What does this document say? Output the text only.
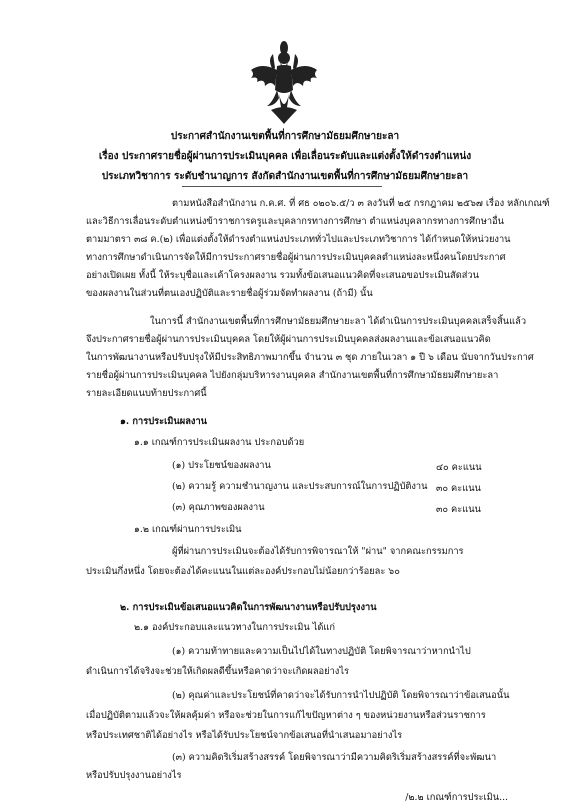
ประกาศสำนักงานเขตพื้นที่การศึกษามัธยมศึกษายะลา
เรื่อง ประกาศรายชื่อผู้ผ่านการประเมินบุคคล เพื่อเลื่อนระดับและแต่งตั้งให้ดำรงตำแหน่ง
ประเภทวิชาการ ระดับชำนาญการ สังกัดสำนักงานเขตพื้นที่การศึกษามัธยมศึกษายะลา
ตามหนังสือสำนักงาน ก.ค.ศ. ที่ ศธ ๐๒๐๖.๕/ว ๓ ลงวันที่ ๒๕ กรกฎาคม ๒๕๖๗ เรื่อง หลักเกณฑ์
และวิธีการเลื่อนระดับตำแหน่งข้าราชการครูและบุคลากรทางการศึกษา ตำแหน่งบุคลากรทางการศึกษาอื่น
ตามมาตรา ๓๘ ค.(๒) เพื่อแต่งตั้งให้ดำรงตำแหน่งประเภททั่วไปและประเภทวิชาการ ได้กำหนดให้หน่วยงาน
ทางการศึกษาดำเนินการจัดให้มีการประกาศรายชื่อผู้ผ่านการประเมินบุคคลตำแหน่งละหนึ่งคนโดยประกาศ
อย่างเปิดเผย ทั้งนี้ ให้ระบุชื่อและเค้าโครงผลงาน รวมทั้งข้อเสนอแนวคิดที่จะเสนอขอประเมินสัดส่วน
ของผลงานในส่วนที่ตนเองปฏิบัติและรายชื่อผู้ร่วมจัดทำผลงาน (ถ้ามี) นั้น
ในการนี้ สำนักงานเขตพื้นที่การศึกษามัธยมศึกษายะลา ได้ดำเนินการประเมินบุคคลเสร็จสิ้นแล้ว
จึงประกาศรายชื่อผู้ผ่านการประเมินบุคคล โดยให้ผู้ผ่านการประเมินบุคคลส่งผลงานและข้อเสนอแนวคิด
ในการพัฒนางานหรือปรับปรุงให้มีประสิทธิภาพมากขึ้น จำนวน ๓ ชุด ภายในเวลา ๑ ปี ๖ เดือน นับจากวันประกาศ
รายชื่อผู้ผ่านการประเมินบุคคล ไปยังกลุ่มบริหารงานบุคคล สำนักงานเขตพื้นที่การศึกษามัธยมศึกษายะลา
รายละเอียดแนบท้ายประกาศนี้
๑. การประเมินผลงาน
๑.๑ เกณฑ์การประเมินผลงาน ประกอบด้วย
(๑) ประโยชน์ของผลงาน	๔๐ คะแนน
(๒) ความรู้ ความชำนาญงาน และประสบการณ์ในการปฏิบัติงาน ๓๐ คะแนน
(๓) คุณภาพของผลงาน	๓๐ คะแนน
๑.๒ เกณฑ์ผ่านการประเมิน
ผู้ที่ผ่านการประเมินจะต้องได้รับการพิจารณาให้ "ผ่าน" จากคณะกรรมการ
ประเมินกึ่งหนึ่ง โดยจะต้องได้คะแนนในแต่ละองค์ประกอบไม่น้อยกว่าร้อยละ ๖๐
๒. การประเมินข้อเสนอแนวคิดในการพัฒนางานหรือปรับปรุงงาน
๒.๑ องค์ประกอบและแนวทางในการประเมิน ได้แก่
(๑) ความท้าทายและความเป็นไปได้ในทางปฏิบัติ โดยพิจารณาว่าหากนำไป
ดำเนินการได้จริงจะช่วยให้เกิดผลดีขึ้นหรือคาดว่าจะเกิดผลอย่างไร
(๒) คุณค่าและประโยชน์ที่คาดว่าจะได้รับการนำไปปฏิบัติ โดยพิจารณาว่าข้อเสนอนั้น
เมื่อปฏิบัติตามแล้วจะให้ผลคุ้มค่า หรือจะช่วยในการแก้ไขปัญหาต่าง ๆ ของหน่วยงานหรือส่วนราชการ
หรือประเทศชาติได้อย่างไร หรือได้รับประโยชน์จากข้อเสนอที่นำเสนอมาอย่างไร
(๓) ความคิดริเริ่มสร้างสรรค์ โดยพิจารณาว่ามีความคิดริเริ่มสร้างสรรค์ที่จะพัฒนา
หรือปรับปรุงงานอย่างไร
/๒.๒ เกณฑ์การประเมิน...
